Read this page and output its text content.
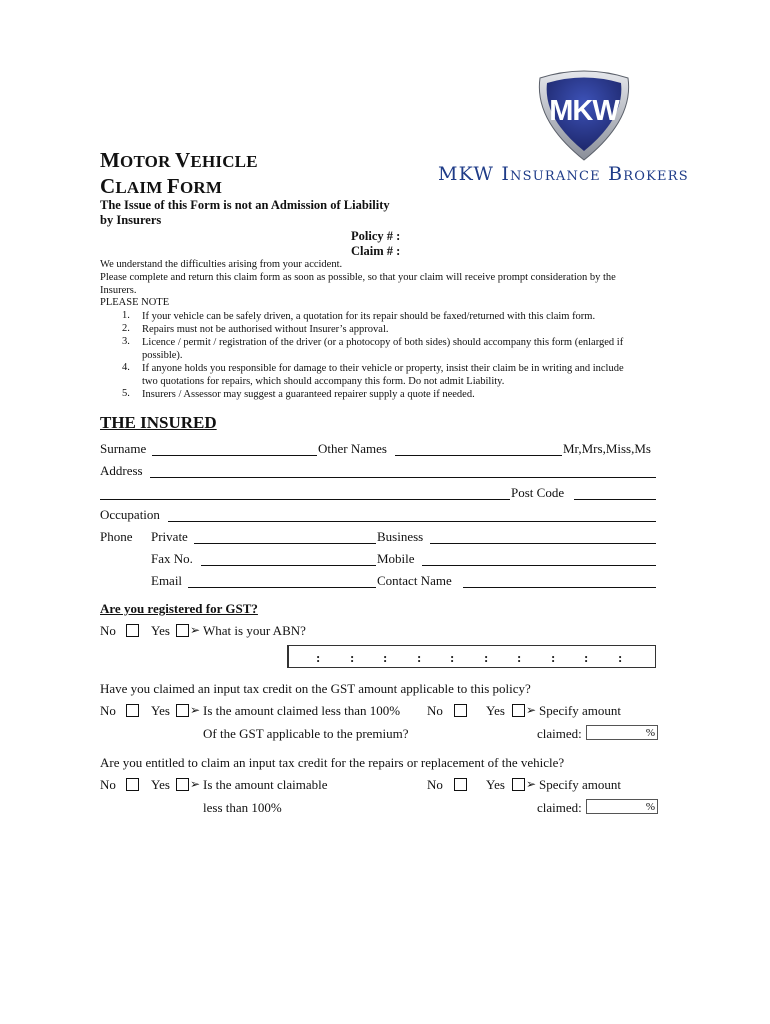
MKW
MKW Insurance Brokers
MOTOR VEHICLE
CLAIM FORM
The Issue of this Form is not an Admission of Liability
by Insurers
Policy # :
Claim # :
We understand the difficulties arising from your accident.
Please complete and return this claim form as soon as possible, so that your claim will receive prompt consideration by the
Insurers.
PLEASE NOTE
1. If your vehicle can be safely driven, a quotation for its repair should be faxed/returned with this claim form.
2. Repairs must not be authorised without Insurer’s approval.
3. Licence / permit / registration of the driver (or a photocopy of both sides) should accompany this form (enlarged if
possible).
4. If anyone holds you responsible for damage to their vehicle or property, insist their claim be in writing and include
two quotations for repairs, which should accompany this form. Do not admit Liability.
5. Insurers / Assessor may suggest a guaranteed repairer supply a quote if needed.
THE INSURED
Surname	Other Names	Mr,Mrs,Miss,Ms
Address
Post Code
Occupation
Phone Private	Business
Fax No.	Mobile
Email	Contact Name
Are you registered for GST?
No	Yes ➢ What is your ABN?
: : : : : : : : : :
Have you claimed an input tax credit on the GST amount applicable to this policy?
No	Yes ➢ Is the amount claimed less than 100% No	Yes ➢ Specify amount
Of the GST applicable to the premium?	claimed:	%
Are you entitled to claim an input tax credit for the repairs or replacement of the vehicle?
No	Yes ➢ Is the amount claimable	No	Yes ➢ Specify amount
less than 100%	claimed:	%
